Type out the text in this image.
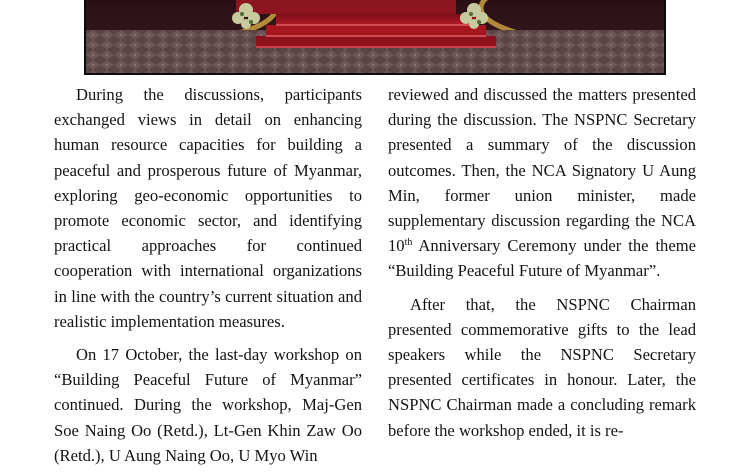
During the discussions, participants exchanged views in detail on enhancing human resource capacities for building a peaceful and prosperous future of Myanmar, exploring geo-economic opportunities to promote economic sector, and identifying practical approaches for continued cooperation with international organizations in line with the country’s current situation and realistic implementation measures.

On 17 October, the last-day workshop on “Building Peaceful Future of Myanmar” continued. During the workshop, Maj-Gen Soe Naing Oo (Retd.), Lt-Gen Khin Zaw Oo (Retd.), U Aung Naing Oo, U Myo Win

reviewed and discussed the matters presented during the discussion. The NSPNC Secretary presented a summary of the discussion outcomes. Then, the NCA Signatory U Aung Min, former union minister, made supplementary discussion regarding the NCA 10th Anniversary Ceremony under the theme “Building Peaceful Future of Myanmar”.

After that, the NSPNC Chairman presented commemorative gifts to the lead speakers while the NSPNC Secretary presented certificates in honour. Later, the NSPNC Chairman made a concluding remark before the workshop ended, it is re-
